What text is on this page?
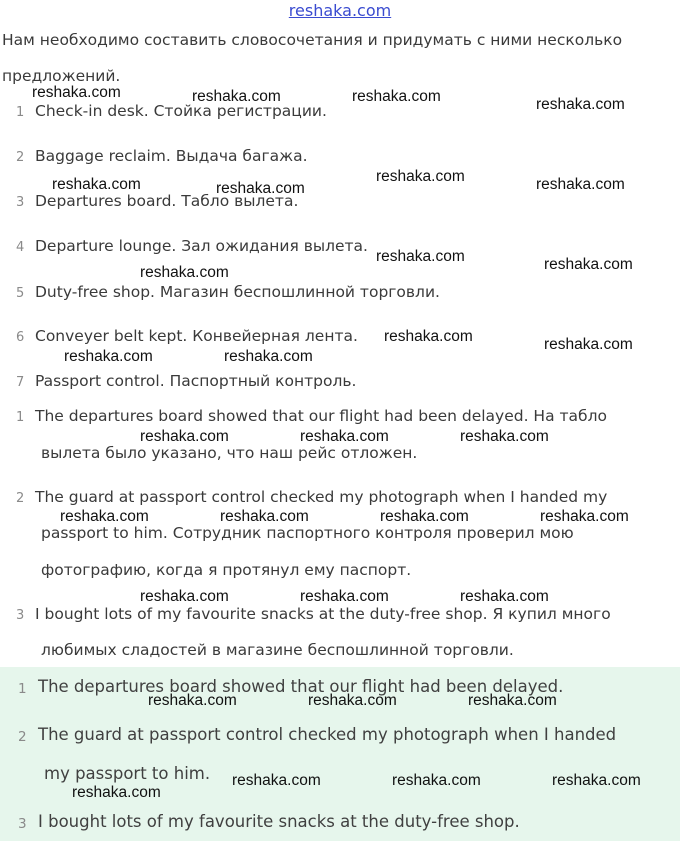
reshaka.com
Нам необходимо составить словосочетания и придумать с ними несколько
предложений.
1 Check-in desk. Стойка регистрации.
2 Baggage reclaim. Выдача багажа.
3 Departures board. Табло вылета.
4 Departure lounge. Зал ожидания вылета.
5 Duty-free shop. Магазин беспошлинной торговли.
6 Conveyer belt kept. Конвейерная лента.
7 Passport control. Паспортный контроль.
1 The departures board showed that our flight had been delayed. На табло
вылета было указано, что наш рейс отложен.
2 The guard at passport control checked my photograph when I handed my
passport to him. Сотрудник паспортного контроля проверил мою
фотографию, когда я протянул ему паспорт.
3 I bought lots of my favourite snacks at the duty-free shop. Я купил много
любимых сладостей в магазине беспошлинной торговли.
1 The departures board showed that our flight had been delayed.
2 The guard at passport control checked my photograph when I handed
my passport to him.
3 I bought lots of my favourite snacks at the duty-free shop.
reshaka.com	reshaka.com	reshaka.com	reshaka.com
reshaka.com	reshaka.com
reshaka.com	reshaka.com
reshaka.com	reshaka.com
reshaka.com
reshaka.com	reshaka.com
reshaka.com	reshaka.com
reshaka.com	reshaka.com	reshaka.com
reshaka.com	reshaka.com	reshaka.com	reshaka.com
reshaka.com	reshaka.com	reshaka.com
reshaka.com	reshaka.com	reshaka.com
reshaka.com	reshaka.com	reshaka.com
reshaka.com
